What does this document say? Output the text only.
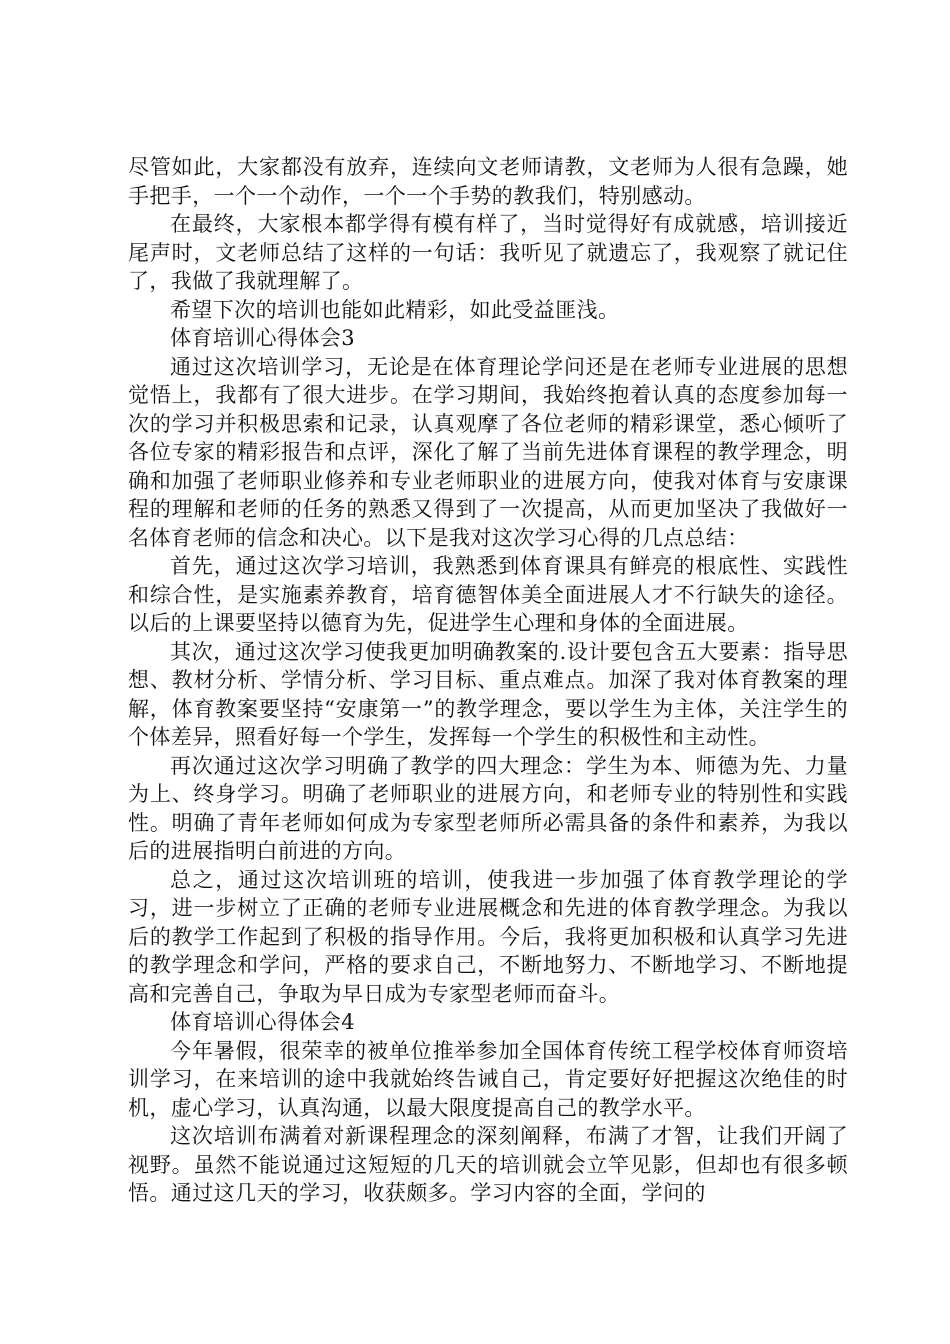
尽管如此，大家都没有放弃，连续向文老师请教，文老师为人很有急躁，她手把手，一个一个动作，一个一个手势的教我们，特别感动。

在最终，大家根本都学得有模有样了，当时觉得好有成就感，培训接近尾声时，文老师总结了这样的一句话：我听见了就遗忘了，我观察了就记住了，我做了我就理解了。

希望下次的培训也能如此精彩，如此受益匪浅。

体育培训心得体会3

通过这次培训学习，无论是在体育理论学问还是在老师专业进展的思想觉悟上，我都有了很大进步。在学习期间，我始终抱着认真的态度参加每一次的学习并积极思索和记录，认真观摩了各位老师的精彩课堂，悉心倾听了各位专家的精彩报告和点评，深化了解了当前先进体育课程的教学理念，明确和加强了老师职业修养和专业老师职业的进展方向，使我对体育与安康课程的理解和老师的任务的熟悉又得到了一次提高，从而更加坚决了我做好一名体育老师的信念和决心。以下是我对这次学习心得的几点总结：

首先，通过这次学习培训，我熟悉到体育课具有鲜亮的根底性、实践性和综合性，是实施素养教育，培育德智体美全面进展人才不行缺失的途径。以后的上课要坚持以德育为先，促进学生心理和身体的全面进展。

其次，通过这次学习使我更加明确教案的.设计要包含五大要素：指导思想、教材分析、学情分析、学习目标、重点难点。加深了我对体育教案的理解，体育教案要坚持“安康第一”的教学理念，要以学生为主体，关注学生的个体差异，照看好每一个学生，发挥每一个学生的积极性和主动性。

再次通过这次学习明确了教学的四大理念：学生为本、师德为先、力量为上、终身学习。明确了老师职业的进展方向，和老师专业的特别性和实践性。明确了青年老师如何成为专家型老师所必需具备的条件和素养，为我以后的进展指明白前进的方向。

总之，通过这次培训班的培训，使我进一步加强了体育教学理论的学习，进一步树立了正确的老师专业进展概念和先进的体育教学理念。为我以后的教学工作起到了积极的指导作用。今后，我将更加积极和认真学习先进的教学理念和学问，严格的要求自己，不断地努力、不断地学习、不断地提高和完善自己，争取为早日成为专家型老师而奋斗。

体育培训心得体会4

今年暑假，很荣幸的被单位推举参加全国体育传统工程学校体育师资培训学习，在来培训的途中我就始终告诫自己，肯定要好好把握这次绝佳的时机，虚心学习，认真沟通，以最大限度提高自己的教学水平。

这次培训布满着对新课程理念的深刻阐释，布满了才智，让我们开阔了视野。虽然不能说通过这短短的几天的培训就会立竿见影，但却也有很多顿悟。通过这几天的学习，收获颇多。学习内容的全面，学问的
